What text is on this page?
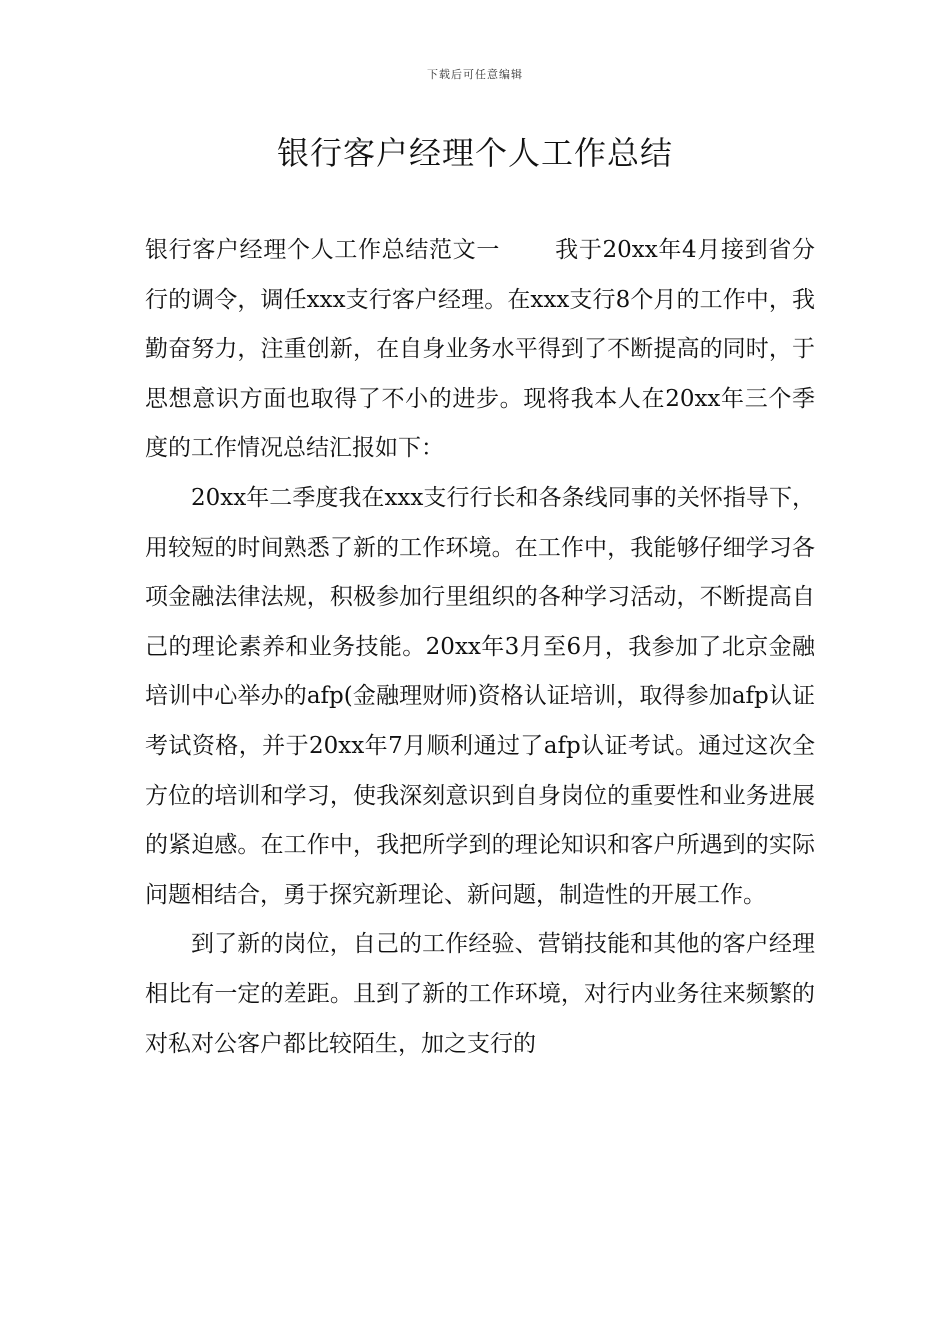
下载后可任意编辑
银行客户经理个人工作总结

银行客户经理个人工作总结范文一 我于20xx年4月接到省分行的调令，调任xxx支行客户经理。在xxx支行8个月的工作中，我勤奋努力，注重创新，在自身业务水平得到了不断提高的同时，于思想意识方面也取得了不小的进步。现将我本人在20xx年三个季度的工作情况总结汇报如下：

20xx年二季度我在xxx支行行长和各条线同事的关怀指导下，用较短的时间熟悉了新的工作环境。在工作中，我能够仔细学习各项金融法律法规，积极参加行里组织的各种学习活动，不断提高自己的理论素养和业务技能。20xx年3月至6月，我参加了北京金融培训中心举办的afp(金融理财师)资格认证培训，取得参加afp认证考试资格，并于20xx年7月顺利通过了afp认证考试。通过这次全方位的培训和学习，使我深刻意识到自身岗位的重要性和业务进展的紧迫感。在工作中，我把所学到的理论知识和客户所遇到的实际问题相结合，勇于探究新理论、新问题，制造性的开展工作。

到了新的岗位，自己的工作经验、营销技能和其他的客户经理相比有一定的差距。且到了新的工作环境，对行内业务往来频繁的对私对公客户都比较陌生，加之支行的
